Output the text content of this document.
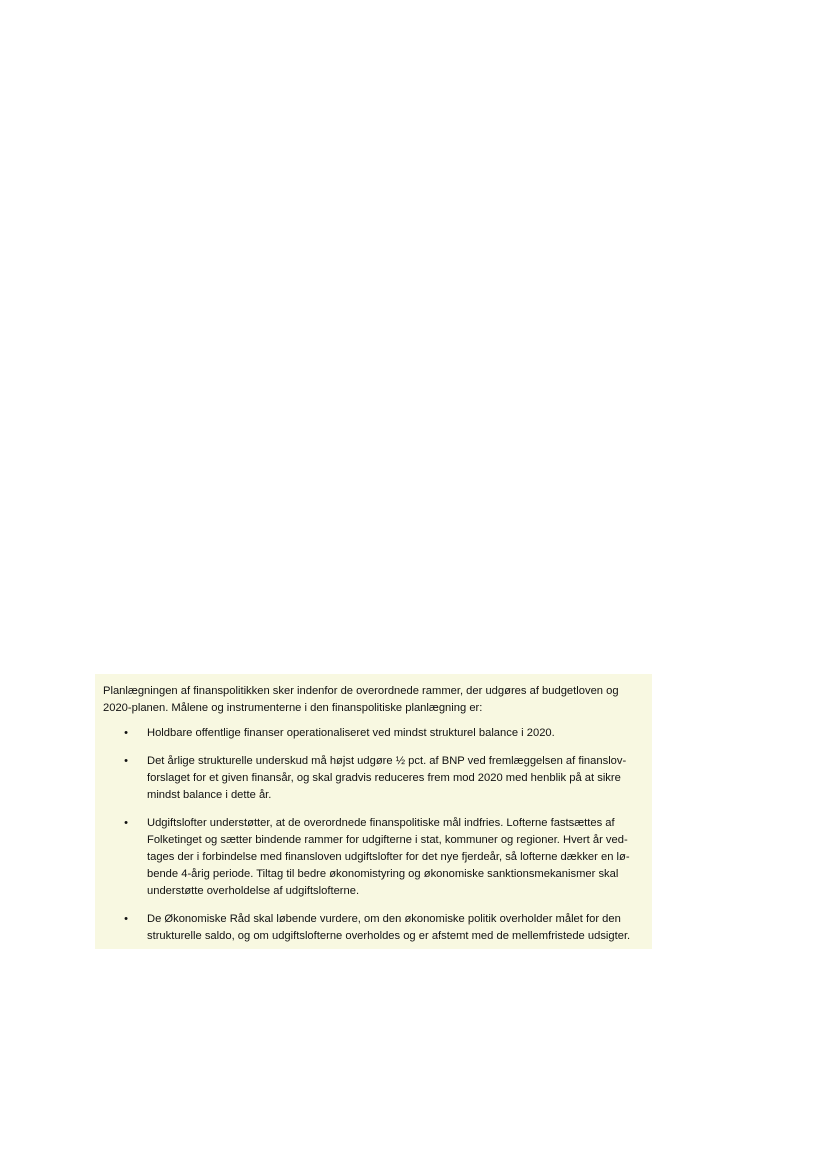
Planlægningen af finanspolitikken sker indenfor de overordnede rammer, der udgøres af budgetloven og
2020-planen. Målene og instrumenterne i den finanspolitiske planlægning er:

• Holdbare offentlige finanser operationaliseret ved mindst strukturel balance i 2020.
• Det årlige strukturelle underskud må højst udgøre ½ pct. af BNP ved fremlæggelsen af finanslov-
forslaget for et given finansår, og skal gradvis reduceres frem mod 2020 med henblik på at sikre
mindst balance i dette år.
• Udgiftslofter understøtter, at de overordnede finanspolitiske mål indfries. Lofterne fastsættes af
Folketinget og sætter bindende rammer for udgifterne i stat, kommuner og regioner. Hvert år ved-
tages der i forbindelse med finansloven udgiftslofter for det nye fjerdeår, så lofterne dækker en lø-
bende 4-årig periode. Tiltag til bedre økonomistyring og økonomiske sanktionsmekanismer skal
understøtte overholdelse af udgiftslofterne.
• De Økonomiske Råd skal løbende vurdere, om den økonomiske politik overholder målet for den
strukturelle saldo, og om udgiftslofterne overholdes og er afstemt med de mellemfristede udsigter.
